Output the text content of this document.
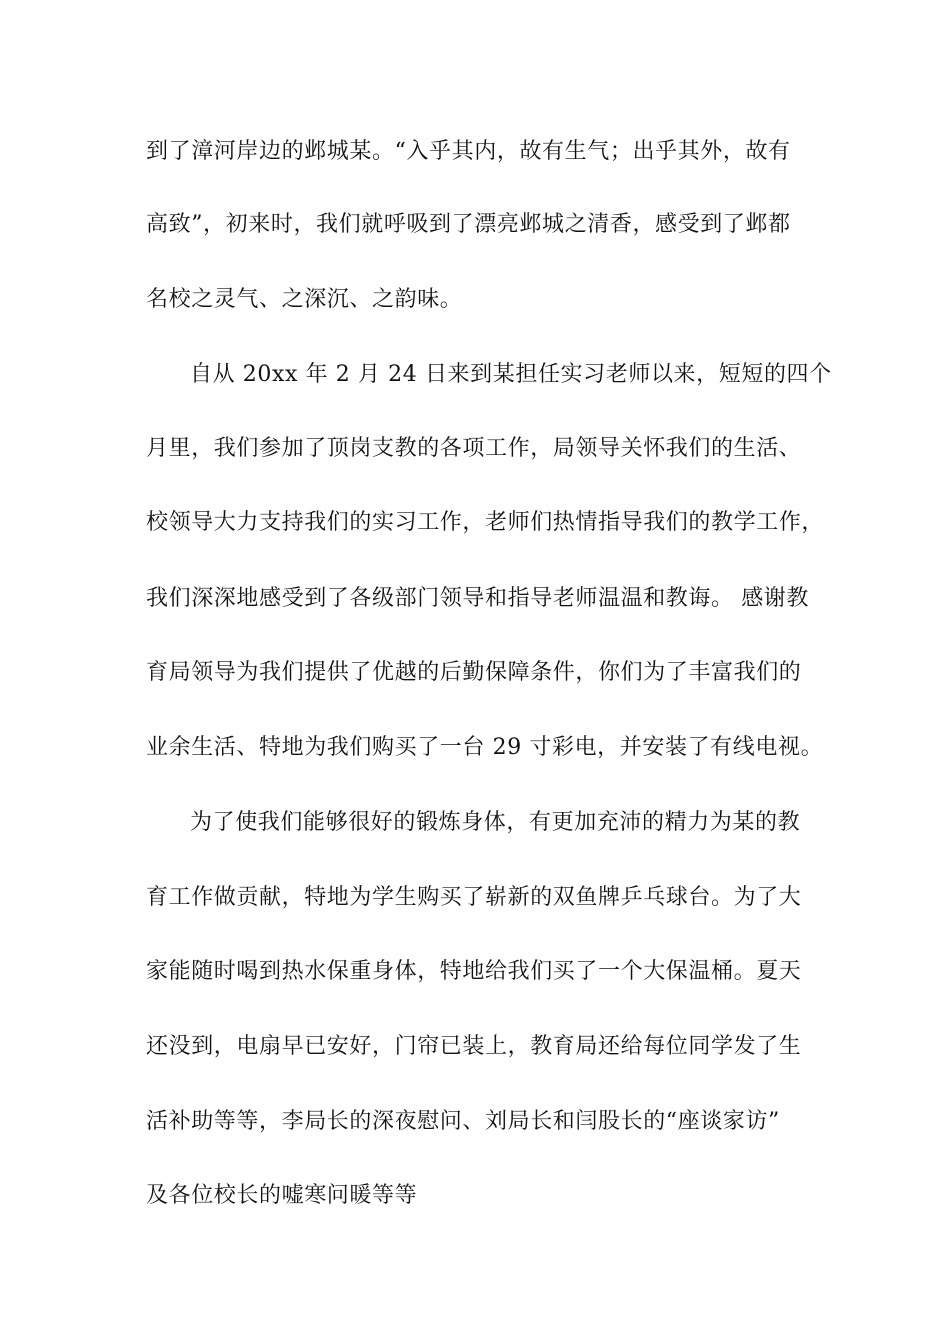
到了漳河岸边的邺城某。“入乎其内，故有生气；出乎其外，故有
高致”，初来时，我们就呼吸到了漂亮邺城之清香，感受到了邺都
名校之灵气、之深沉、之韵味。
自从 20xx 年 2 月 24 日来到某担任实习老师以来，短短的四个
月里，我们参加了顶岗支教的各项工作，局领导关怀我们的生活、
校领导大力支持我们的实习工作，老师们热情指导我们的教学工作，
我们深深地感受到了各级部门领导和指导老师温温和教诲。 感谢教
育局领导为我们提供了优越的后勤保障条件，你们为了丰富我们的
业余生活、特地为我们购买了一台 29 寸彩电，并安装了有线电视。
为了使我们能够很好的锻炼身体，有更加充沛的精力为某的教
育工作做贡献，特地为学生购买了崭新的双鱼牌乒乓球台。为了大
家能随时喝到热水保重身体，特地给我们买了一个大保温桶。夏天
还没到，电扇早已安好，门帘已装上，教育局还给每位同学发了生
活补助等等，李局长的深夜慰问、刘局长和闫股长的“座谈家访”
及各位校长的嘘寒问暖等等
